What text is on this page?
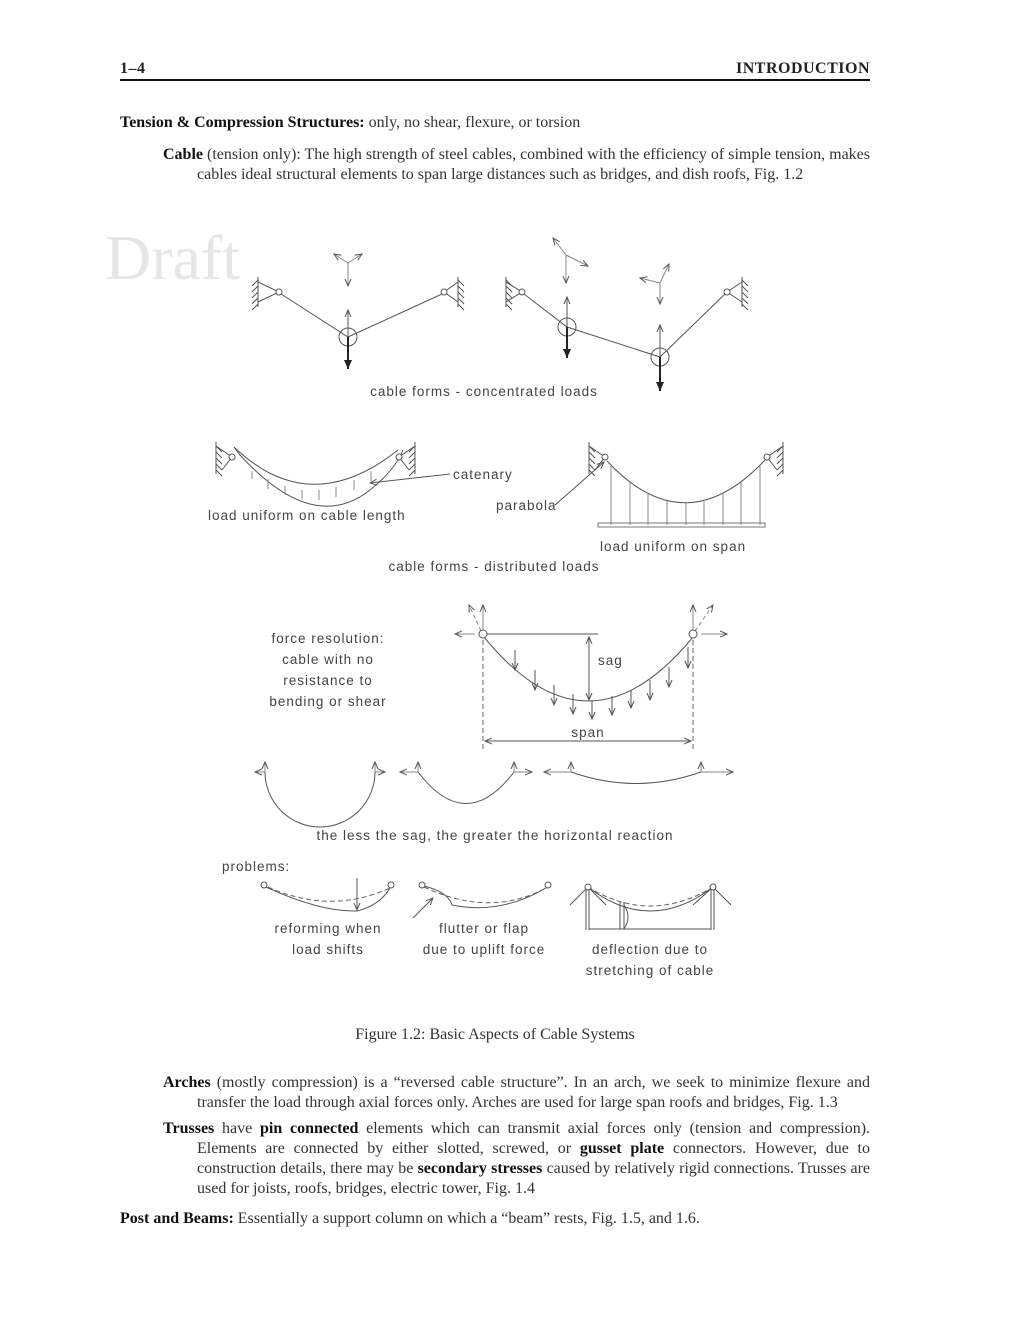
Draft
1–4	INTRODUCTION
Tension & Compression Structures: only, no shear, flexure, or torsion
Cable (tension only): The high strength of steel cables, combined with the efficiency of simple tension, makes cables ideal structural elements to span large distances such as bridges, and dish roofs, Fig. 1.2
cable forms - concentrated loads
catenary
load uniform on cable length
parabola
load uniform on span
cable forms - distributed loads
force resolution:
cable with no
resistance to
bending or shear
sag
span
the less the sag, the greater the horizontal reaction
problems:
reforming when
load shifts
flutter or flap
due to uplift force	deflection due to
stretching of cable
Figure 1.2: Basic Aspects of Cable Systems
Arches (mostly compression) is a “reversed cable structure”. In an arch, we seek to minimize flexure and transfer the load through axial forces only. Arches are used for large span roofs and bridges, Fig. 1.3
Trusses have pin connected elements which can transmit axial forces only (tension and compression). Elements are connected by either slotted, screwed, or gusset plate connectors. However, due to construction details, there may be secondary stresses caused by relatively rigid connections. Trusses are used for joists, roofs, bridges, electric tower, Fig. 1.4
Post and Beams: Essentially a support column on which a “beam” rests, Fig. 1.5, and 1.6.
